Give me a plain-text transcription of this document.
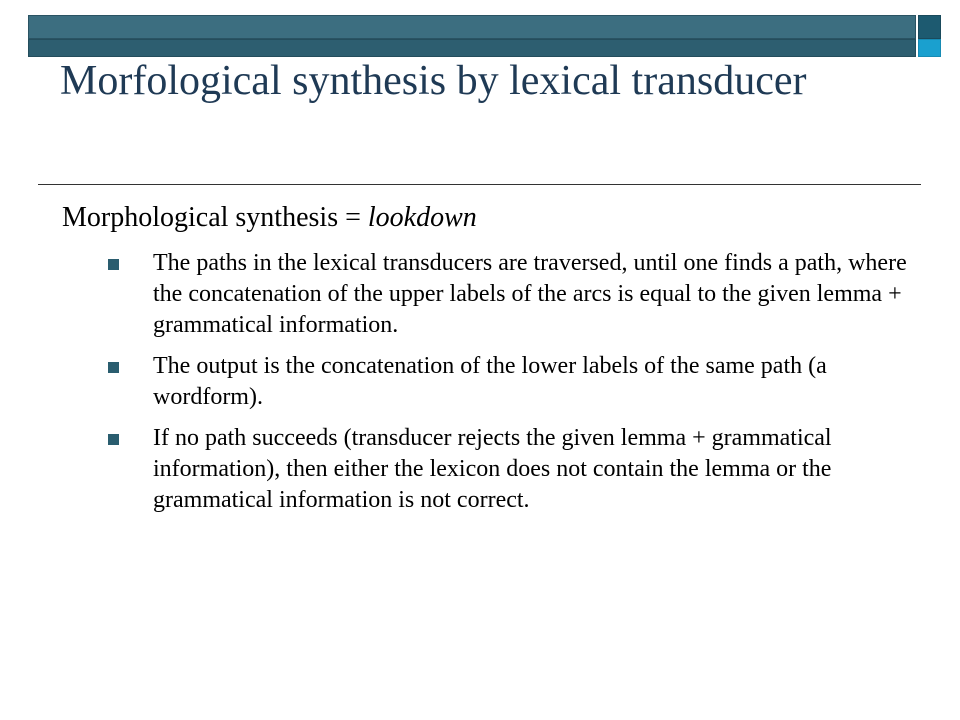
Morfological synthesis by lexical transducer

Morphological synthesis = lookdown

The paths in the lexical transducers are traversed, until one finds a path, where the concatenation of the upper labels of the arcs is equal to the given lemma + grammatical information.
The output is the concatenation of the lower labels of the same path (a wordform).
If no path succeeds (transducer rejects the given lemma + grammatical information), then either the lexicon does not contain the lemma or the grammatical information is not correct.
